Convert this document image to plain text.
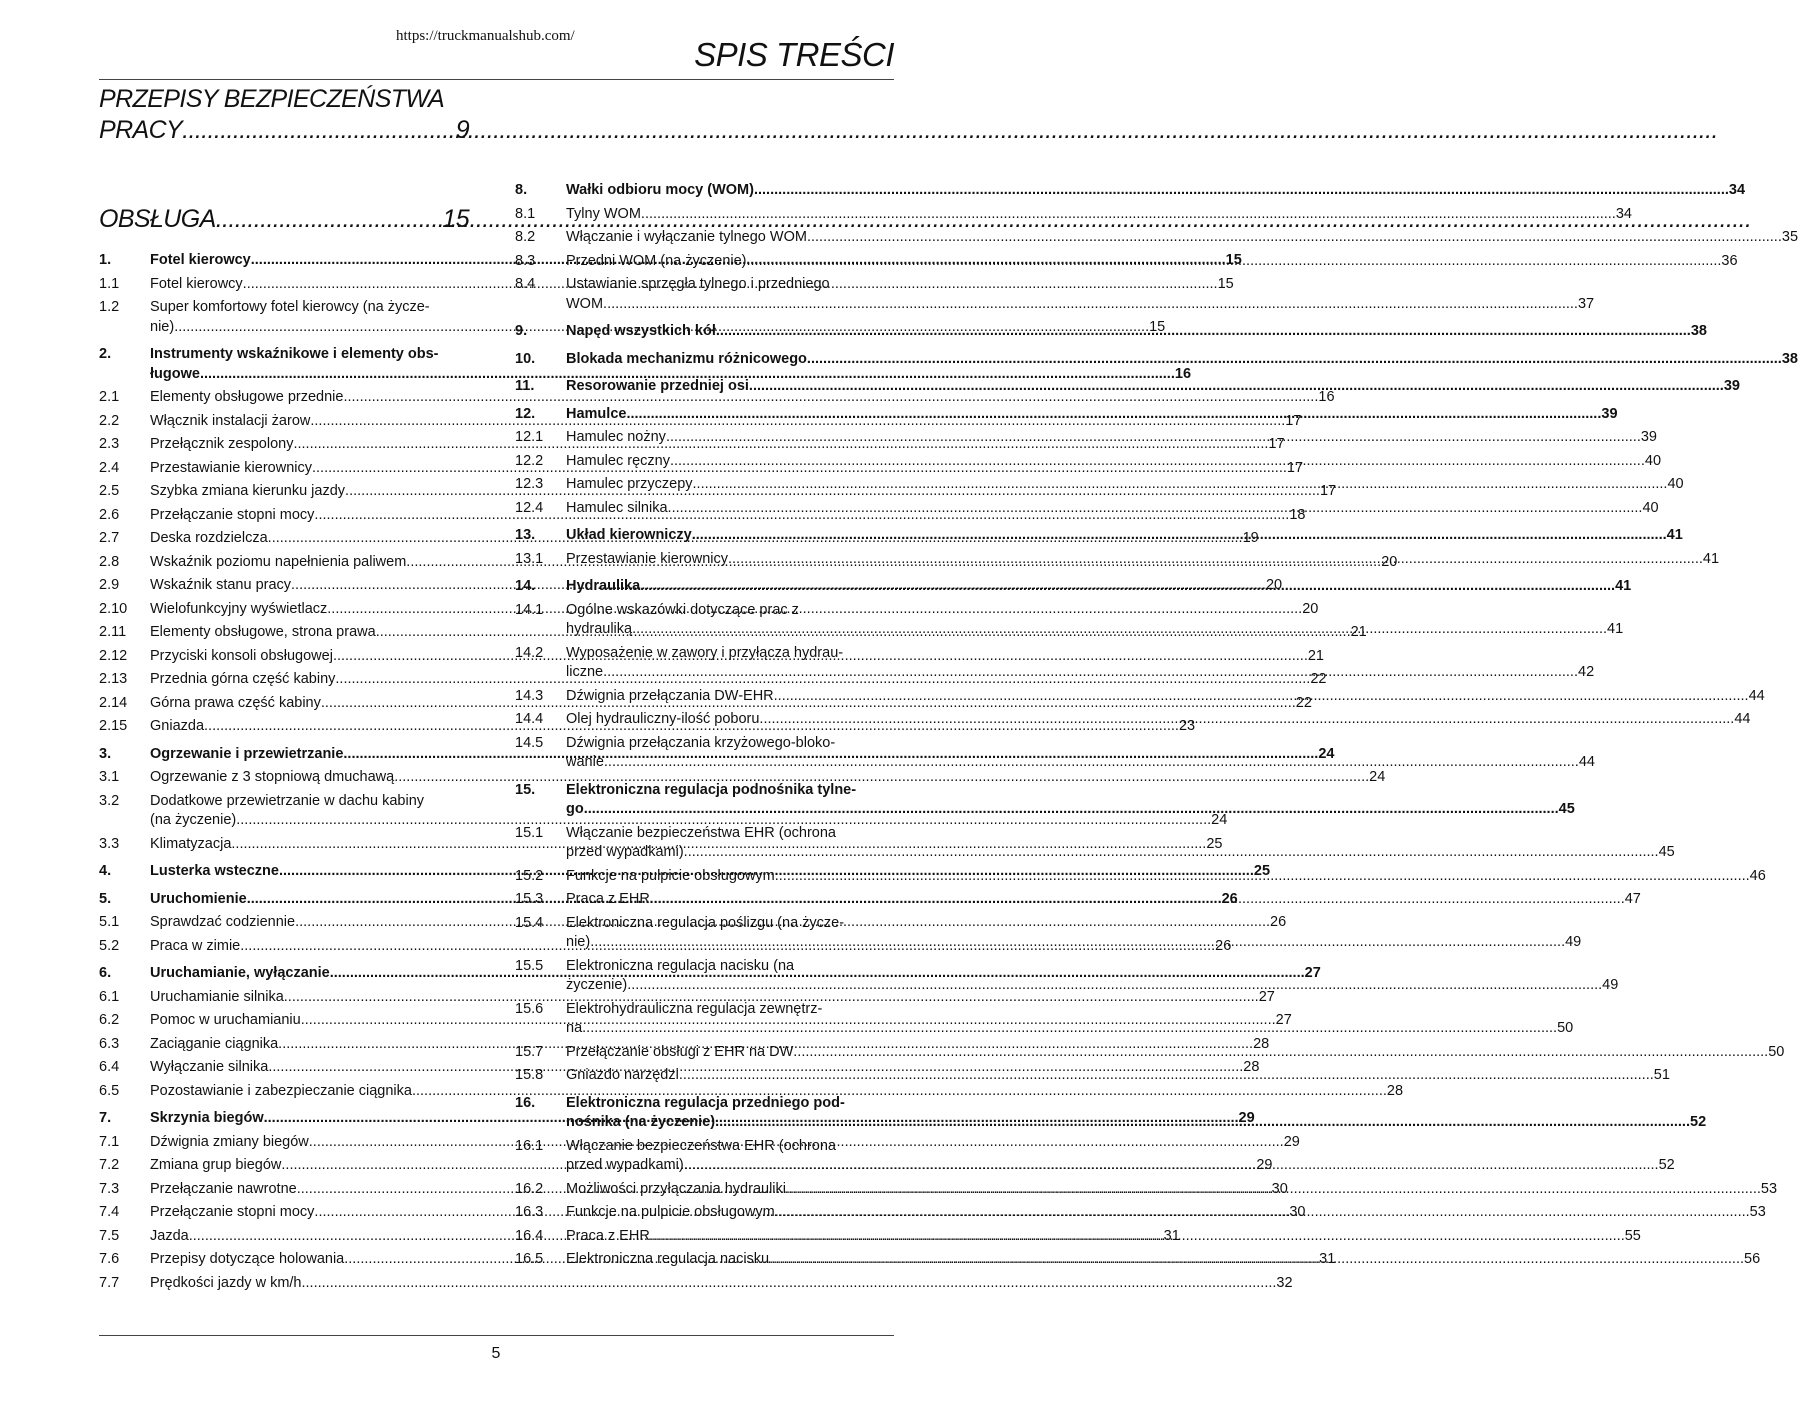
https://truckmanualshub.com/	SPIS TREŚCI
PRZEPISY BEZPIECZEŃSTWA
PRACY .....	9
OBSŁUGA .....	15
1.	Fotel kierowcy .....	15
1.1	Fotel kierowcy .....	15
1.2	Super komfortowy fotel kierowcy (na życze-
nie) .....	15
2.	Instrumenty wskaźnikowe i elementy obs-
ługowe .....	16
2.1	Elementy obsługowe przednie .....	16
2.2	Włącznik instalacji żarow .....	17
2.3	Przełącznik zespolony .....	17
2.4	Przestawianie kierownicy .....	17
2.5	Szybka zmiana kierunku jazdy .....	17
2.6	Przełączanie stopni mocy .....	18
2.7	Deska rozdzielcza .....	19
2.8	Wskaźnik poziomu napełnienia paliwem .....	20
2.9	Wskaźnik stanu pracy .....	20
2.10	Wielofunkcyjny wyświetlacz .....	20
2.11	Elementy obsługowe, strona prawa .....	21
2.12	Przyciski konsoli obsługowej .....	21
2.13	Przednia górna część kabiny .....	22
2.14	Górna prawa część kabiny .....	22
2.15	Gniazda .....	23
3.	Ogrzewanie i przewietrzanie .....	24
3.1	Ogrzewanie z 3 stopniową dmuchawą .....	24
3.2	Dodatkowe przewietrzanie w dachu kabiny
(na życzenie) .....	24
3.3	Klimatyzacja .....	25
4.	Lusterka wsteczne .....	25
5.	Uruchomienie .....	26
5.1	Sprawdzać codziennie .....	26
5.2	Praca w zimie .....	26
6.	Uruchamianie, wyłączanie .....	27
6.1	Uruchamianie silnika .....	27
6.2	Pomoc w uruchamianiu .....	27
6.3	Zaciąganie ciągnika .....	28
6.4	Wyłączanie silnika .....	28
6.5	Pozostawianie i zabezpieczanie ciągnika .....	28
7.	Skrzynia biegów .....	29
7.1	Dźwignia zmiany biegów .....	29
7.2	Zmiana grup biegów .....	29
7.3	Przełączanie nawrotne .....	30
7.4	Przełączanie stopni mocy .....	30
7.5	Jazda .....	31
7.6	Przepisy dotyczące holowania .....	31
7.7	Prędkości jazdy w km/h .....	32
8.	Wałki odbioru mocy (WOM) .....	34
8.1	Tylny WOM .....	34
8.2	Włączanie i wyłączanie tylnego WOM .....	35
8.3	Przedni WOM (na życzenie) .....	36
8.4	Ustawianie sprzęgła tylnego i przedniego
WOM .....	37
9.	Napęd wszystkich kół .....	38
10.	Blokada mechanizmu różnicowego .....	38
11.	Resorowanie przedniej osi .....	39
12.	Hamulce .....	39
12.1	Hamulec nożny .....	39
12.2	Hamulec ręczny .....	40
12.3	Hamulec przyczepy .....	40
12.4	Hamulec silnika .....	40
13.	Układ kierowniczy .....	41
13.1	Przestawianie kierownicy .....	41
14.	Hydraulika .....	41
14.1	Ogólne wskazówki dotyczące prac z
hydrauliką .....	41
14.2	Wyposażenie w zawory i przyłącza hydrau-
liczne .....	42
14.3	Dźwignia przełączania DW-EHR .....	44
14.4	Olej hydrauliczny-ilość poboru .....	44
14.5	Dźwignia przełączania krzyżowego-bloko-
wanie .....	44
15.	Elektroniczna regulacja podnośnika tylne-
go .....	45
15.1	Włączanie bezpieczeństwa EHR (ochrona
przed wypadkami) .....	45
15.2	Funkcje na pulpicie obsługowym .....	46
15.3	Praca z EHR .....	47
15.4	Elektroniczna regulacja poślizgu (na życze-
nie) .....	49
15.5	Elektroniczna regulacja nacisku (na
życzenie) .....	49
15.6	Elektrohydrauliczna regulacja zewnętrz-
na .....	50
15.7	Przełączanie obsługi z EHR na DW .....	50
15.8	Gniazdo narzędzi .....	51
16.	Elektroniczna regulacja przedniego pod-
nośnika (na życzenie) .....	52
16.1	Włączanie bezpieczeństwa EHR (ochrona
przed wypadkami) .....	52
16.2	Możliwości przyłączania hydrauliki .....	53
16.3	Funkcje na pulpicie obsługowym .....	53
16.4	Praca z EHR .....	55
16.5	Elektroniczna regulacja nacisku .....	56
5
